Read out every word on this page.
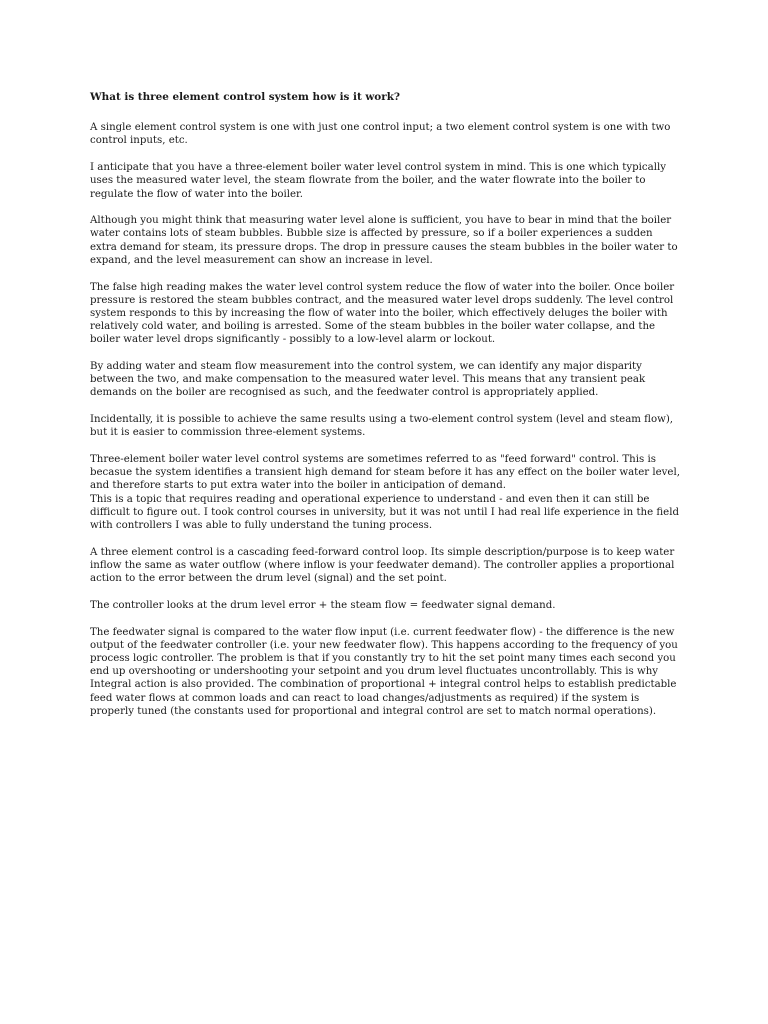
What is three element control system how is it work?

A single element control system is one with just one control input; a two element control system is one with two control inputs, etc.

I anticipate that you have a three-element boiler water level control system in mind. This is one which typically uses the measured water level, the steam flowrate from the boiler, and the water flowrate into the boiler to regulate the flow of water into the boiler.

Although you might think that measuring water level alone is sufficient, you have to bear in mind that the boiler water contains lots of steam bubbles. Bubble size is affected by pressure, so if a boiler experiences a sudden extra demand for steam, its pressure drops. The drop in pressure causes the steam bubbles in the boiler water to expand, and the level measurement can show an increase in level.

The false high reading makes the water level control system reduce the flow of water into the boiler. Once boiler pressure is restored the steam bubbles contract, and the measured water level drops suddenly. The level control system responds to this by increasing the flow of water into the boiler, which effectively deluges the boiler with relatively cold water, and boiling is arrested. Some of the steam bubbles in the boiler water collapse, and the boiler water level drops significantly - possibly to a low-level alarm or lockout.

By adding water and steam flow measurement into the control system, we can identify any major disparity between the two, and make compensation to the measured water level. This means that any transient peak demands on the boiler are recognised as such, and the feedwater control is appropriately applied.

Incidentally, it is possible to achieve the same results using a two-element control system (level and steam flow), but it is easier to commission three-element systems.

Three-element boiler water level control systems are sometimes referred to as "feed forward" control. This is becasue the system identifies a transient high demand for steam before it has any effect on the boiler water level, and therefore starts to put extra water into the boiler in anticipation of demand.

This is a topic that requires reading and operational experience to understand - and even then it can still be difficult to figure out. I took control courses in university, but it was not until I had real life experience in the field with controllers I was able to fully understand the tuning process.

A three element control is a cascading feed-forward control loop. Its simple description/purpose is to keep water inflow the same as water outflow (where inflow is your feedwater demand). The controller applies a proportional action to the error between the drum level (signal) and the set point.

The controller looks at the drum level error + the steam flow = feedwater signal demand.

The feedwater signal is compared to the water flow input (i.e. current feedwater flow) - the difference is the new output of the feedwater controller (i.e. your new feedwater flow). This happens according to the frequency of you process logic controller. The problem is that if you constantly try to hit the set point many times each second you end up overshooting or undershooting your setpoint and you drum level fluctuates uncontrollably. This is why Integral action is also provided. The combination of proportional + integral control helps to establish predictable feed water flows at common loads and can react to load changes/adjustments as required) if the system is properly tuned (the constants used for proportional and integral control are set to match normal operations).
